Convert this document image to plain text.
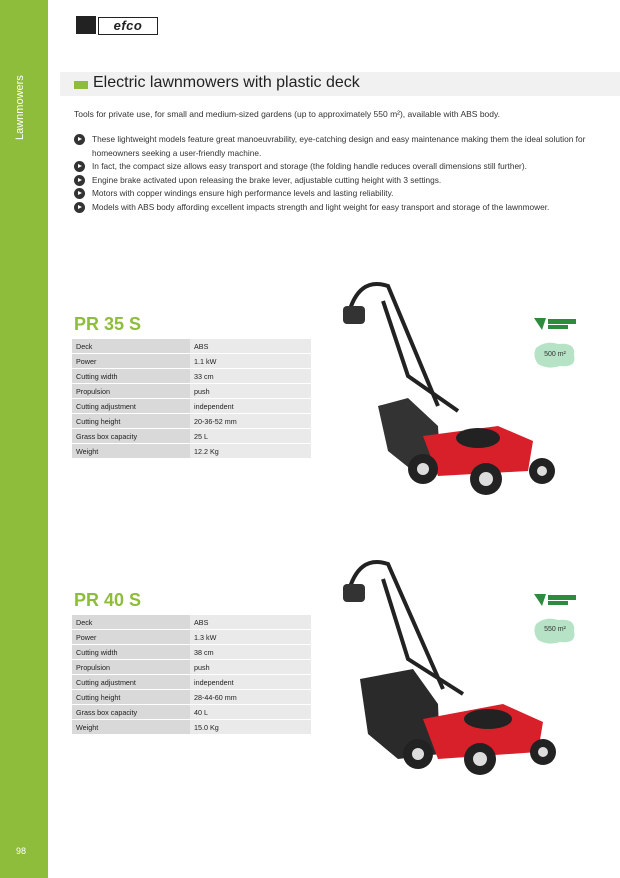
Lawnmowers
98
efco
Electric lawnmowers with plastic deck
Tools for private use, for small and medium-sized gardens (up to approximately 550 m²), available with ABS body.
These lightweight models feature great manoeuvrability, eye-catching design and easy maintenance making them the ideal solution for homeowners seeking a user-friendly machine.
In fact, the compact size allows easy transport and storage (the folding handle reduces overall dimensions still further).
Engine brake activated upon releasing the brake lever, adjustable cutting height with 3 settings.
Motors with copper windings ensure high performance levels and lasting reliability.
Models with ABS body affording excellent impacts strength and light weight for easy transport and storage of the lawnmower.
PR 35 S
Deck	ABS
Power	1.1 kW
Cutting width	33 cm
Propulsion	push
Cutting adjustment	independent
Cutting height	20-36-52 mm
Grass box capacity	25 L
Weight	12.2 Kg
500 m²
PR 40 S
Deck	ABS
Power	1.3 kW
Cutting width	38 cm
Propulsion	push
Cutting adjustment	independent
Cutting height	28-44-60 mm
Grass box capacity	40 L
Weight	15.0 Kg
550 m²
